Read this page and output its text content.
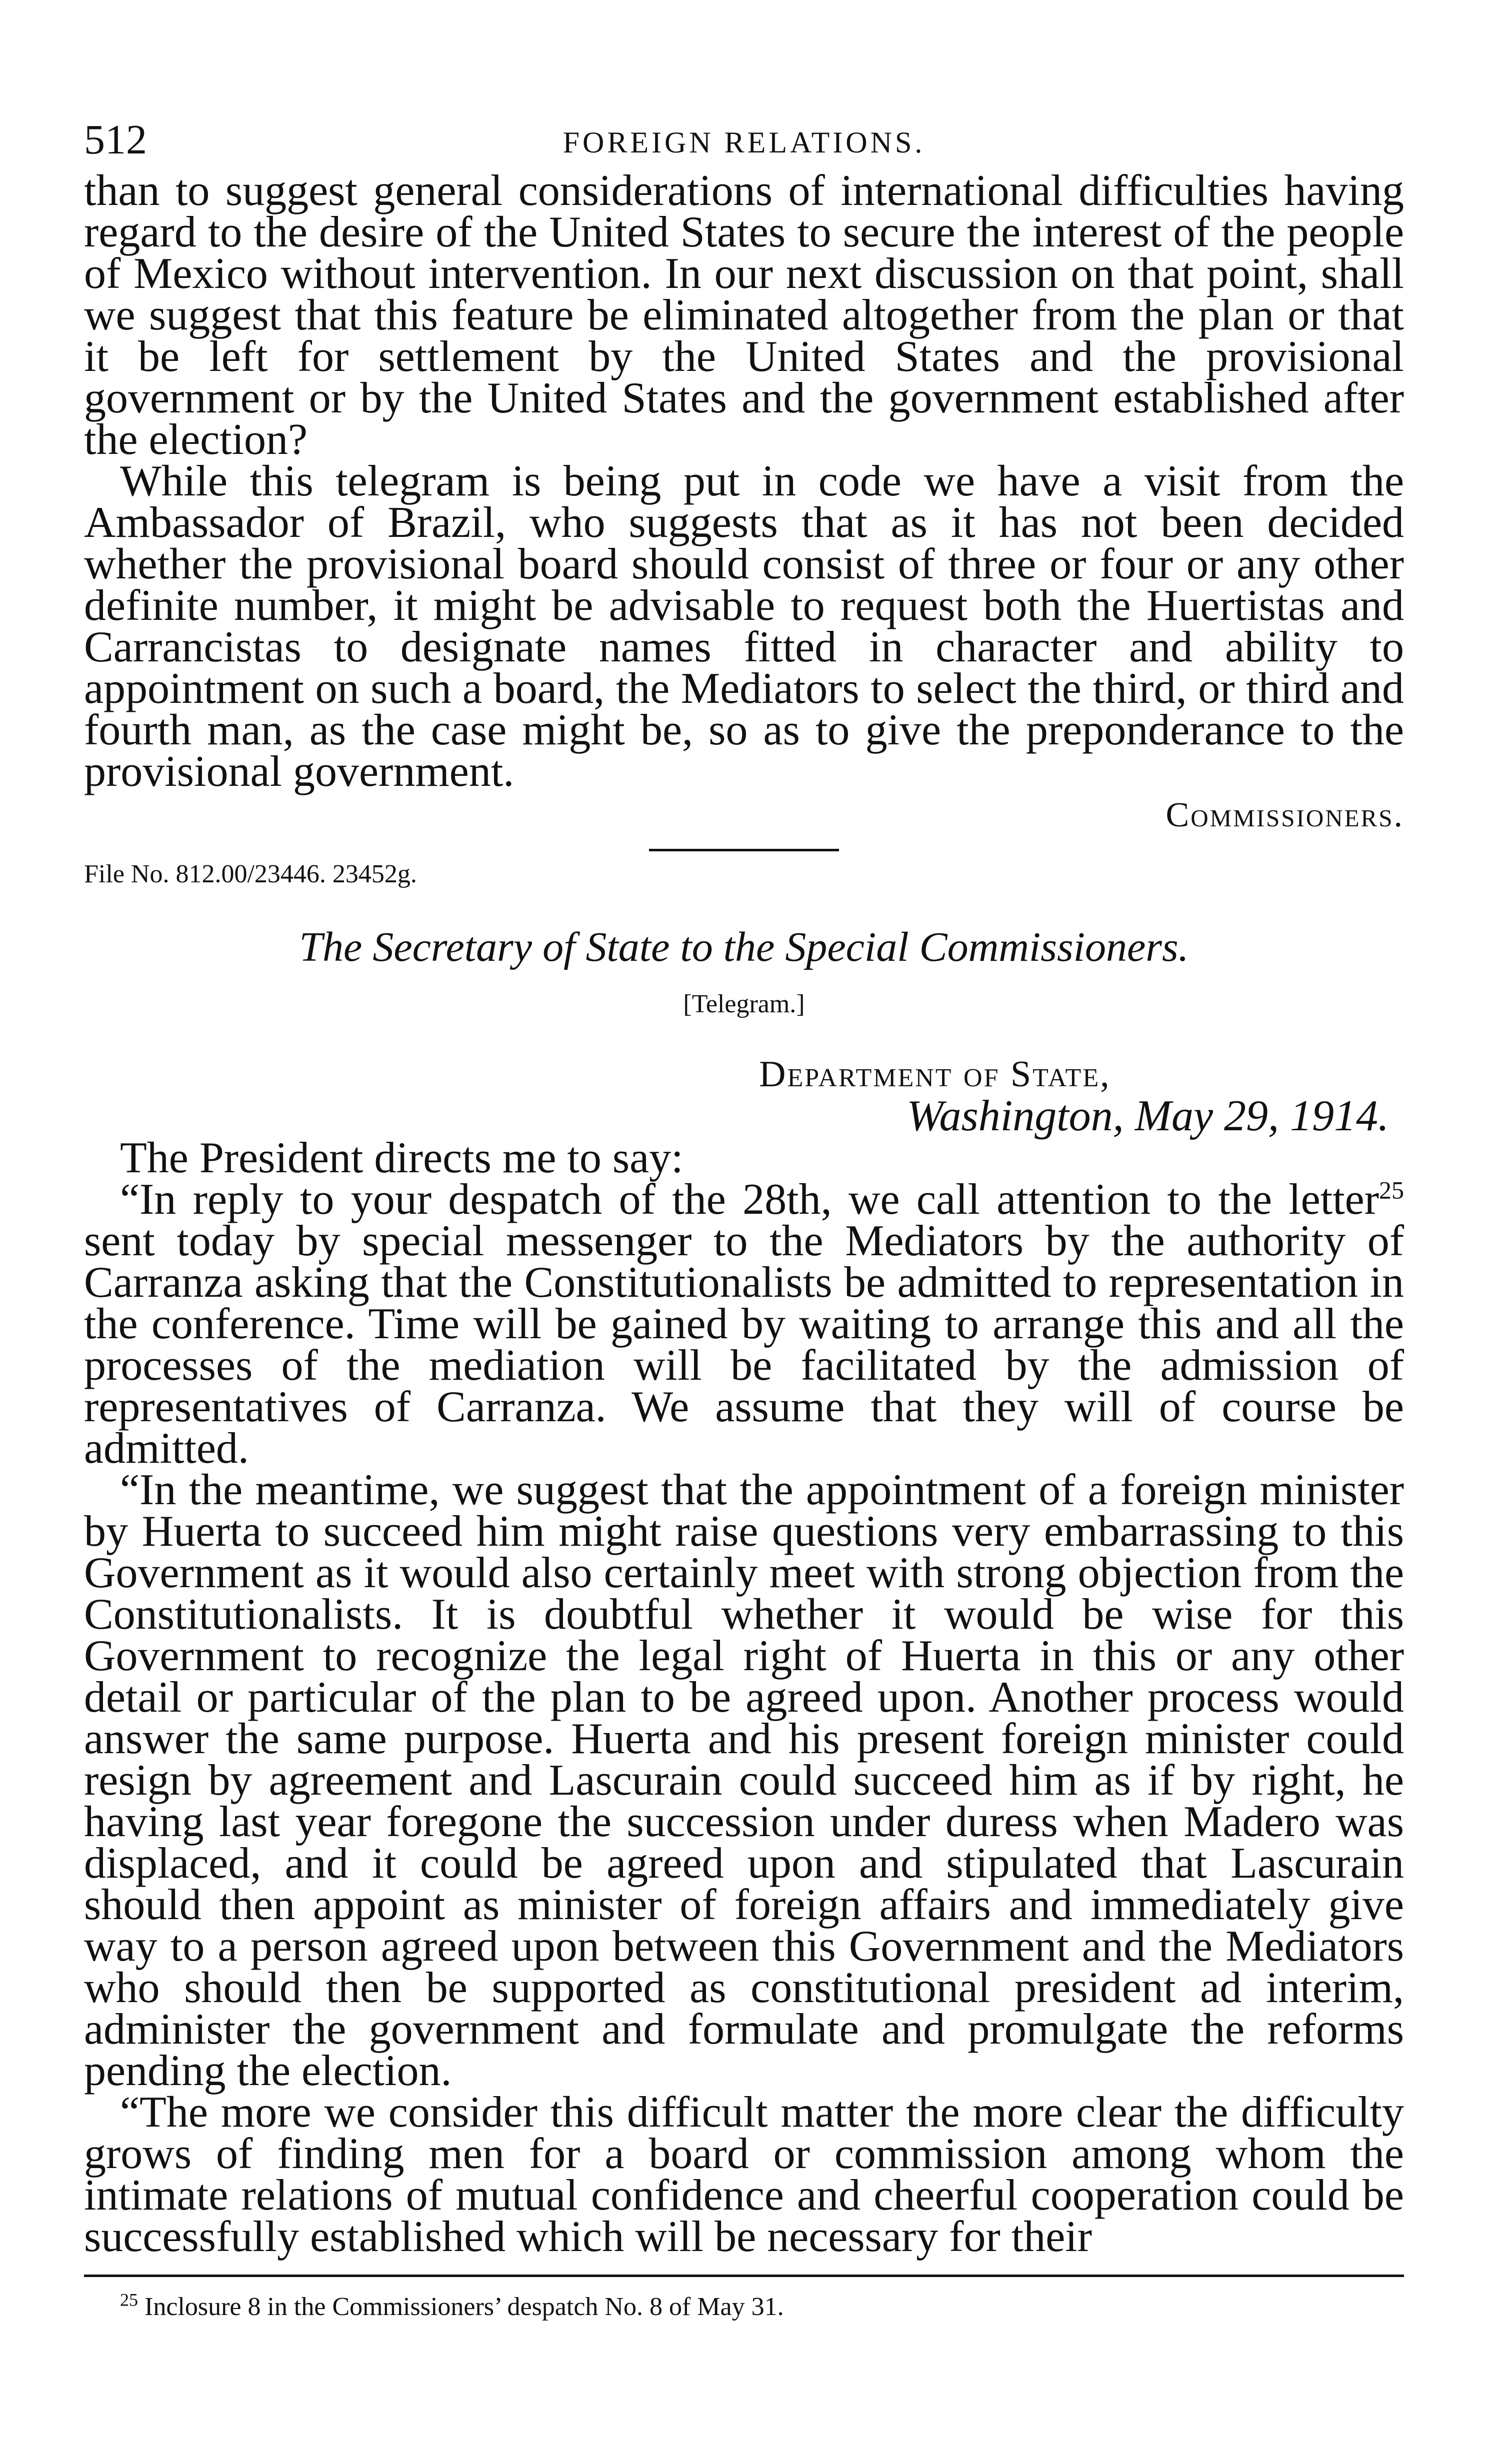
512	FOREIGN RELATIONS.

than to suggest general considerations of international difficulties having regard to the desire of the United States to secure the interest of the people of Mexico without intervention. In our next discussion on that point, shall we suggest that this feature be eliminated altogether from the plan or that it be left for settlement by the United States and the provisional government or by the United States and the government established after the election?

While this telegram is being put in code we have a visit from the Ambassador of Brazil, who suggests that as it has not been decided whether the provisional board should consist of three or four or any other definite number, it might be advisable to request both the Huertistas and Carrancistas to designate names fitted in character and ability to appointment on such a board, the Mediators to select the third, or third and fourth man, as the case might be, so as to give the preponderance to the provisional government.

Commissioners.
File No. 812.00/23446. 23452g.
The Secretary of State to the Special Commissioners.
[Telegram.]
Department of State,
Washington, May 29, 1914.

The President directs me to say:

“In reply to your despatch of the 28th, we call attention to the letter$^{25}$ sent today by special messenger to the Mediators by the authority of Carranza asking that the Constitutionalists be admitted to representation in the conference. Time will be gained by waiting to arrange this and all the processes of the mediation will be facilitated by the admission of representatives of Carranza. We assume that they will of course be admitted.

“In the meantime, we suggest that the appointment of a foreign minister by Huerta to succeed him might raise questions very embarrassing to this Government as it would also certainly meet with strong objection from the Constitutionalists. It is doubtful whether it would be wise for this Government to recognize the legal right of Huerta in this or any other detail or particular of the plan to be agreed upon. Another process would answer the same purpose. Huerta and his present foreign minister could resign by agreement and Lascurain could succeed him as if by right, he having last year foregone the succession under duress when Madero was displaced, and it could be agreed upon and stipulated that Lascurain should then appoint as minister of foreign affairs and immediately give way to a person agreed upon between this Government and the Mediators who should then be supported as constitutional president ad interim, administer the government and formulate and promulgate the reforms pending the election.

“The more we consider this difficult matter the more clear the difficulty grows of finding men for a board or commission among whom the intimate relations of mutual confidence and cheerful cooperation could be successfully established which will be necessary for their

$^{25}$ Inclosure 8 in the Commissioners’ despatch No. 8 of May 31.
